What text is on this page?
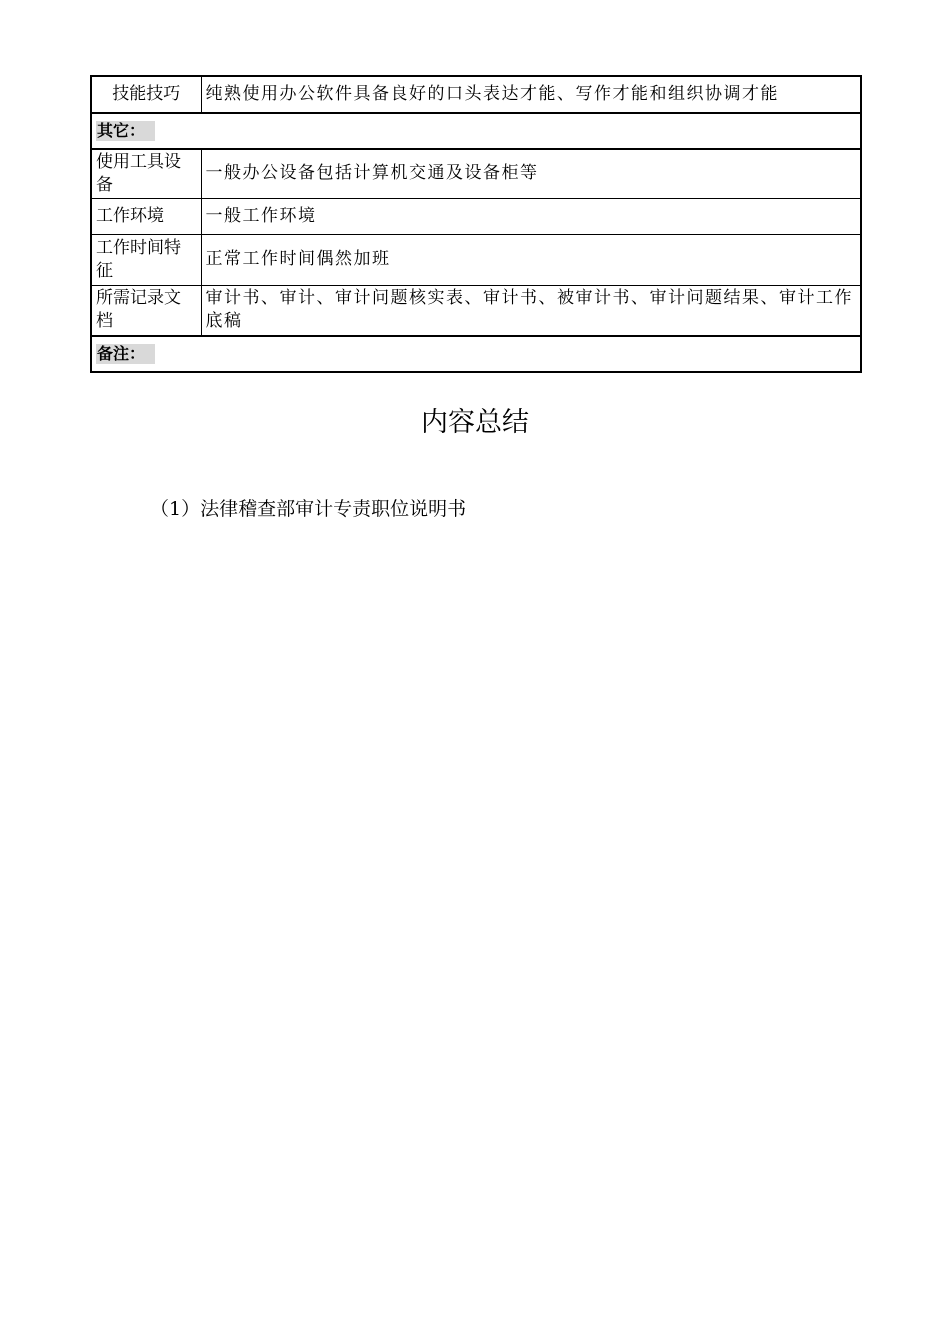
技能技巧	纯熟使用办公软件具备良好的口头表达才能、写作才能和组织协调才能
其它：	
使用工具设备	一般办公设备包括计算机交通及设备柜等
工作环境	一般工作环境
工作时间特征	正常工作时间偶然加班
所需记录文档	审计书、审计、审计问题核实表、审计书、被审计书、审计问题结果、审计工作底稿
备注：	
内容总结
（1）法律稽查部审计专责职位说明书
